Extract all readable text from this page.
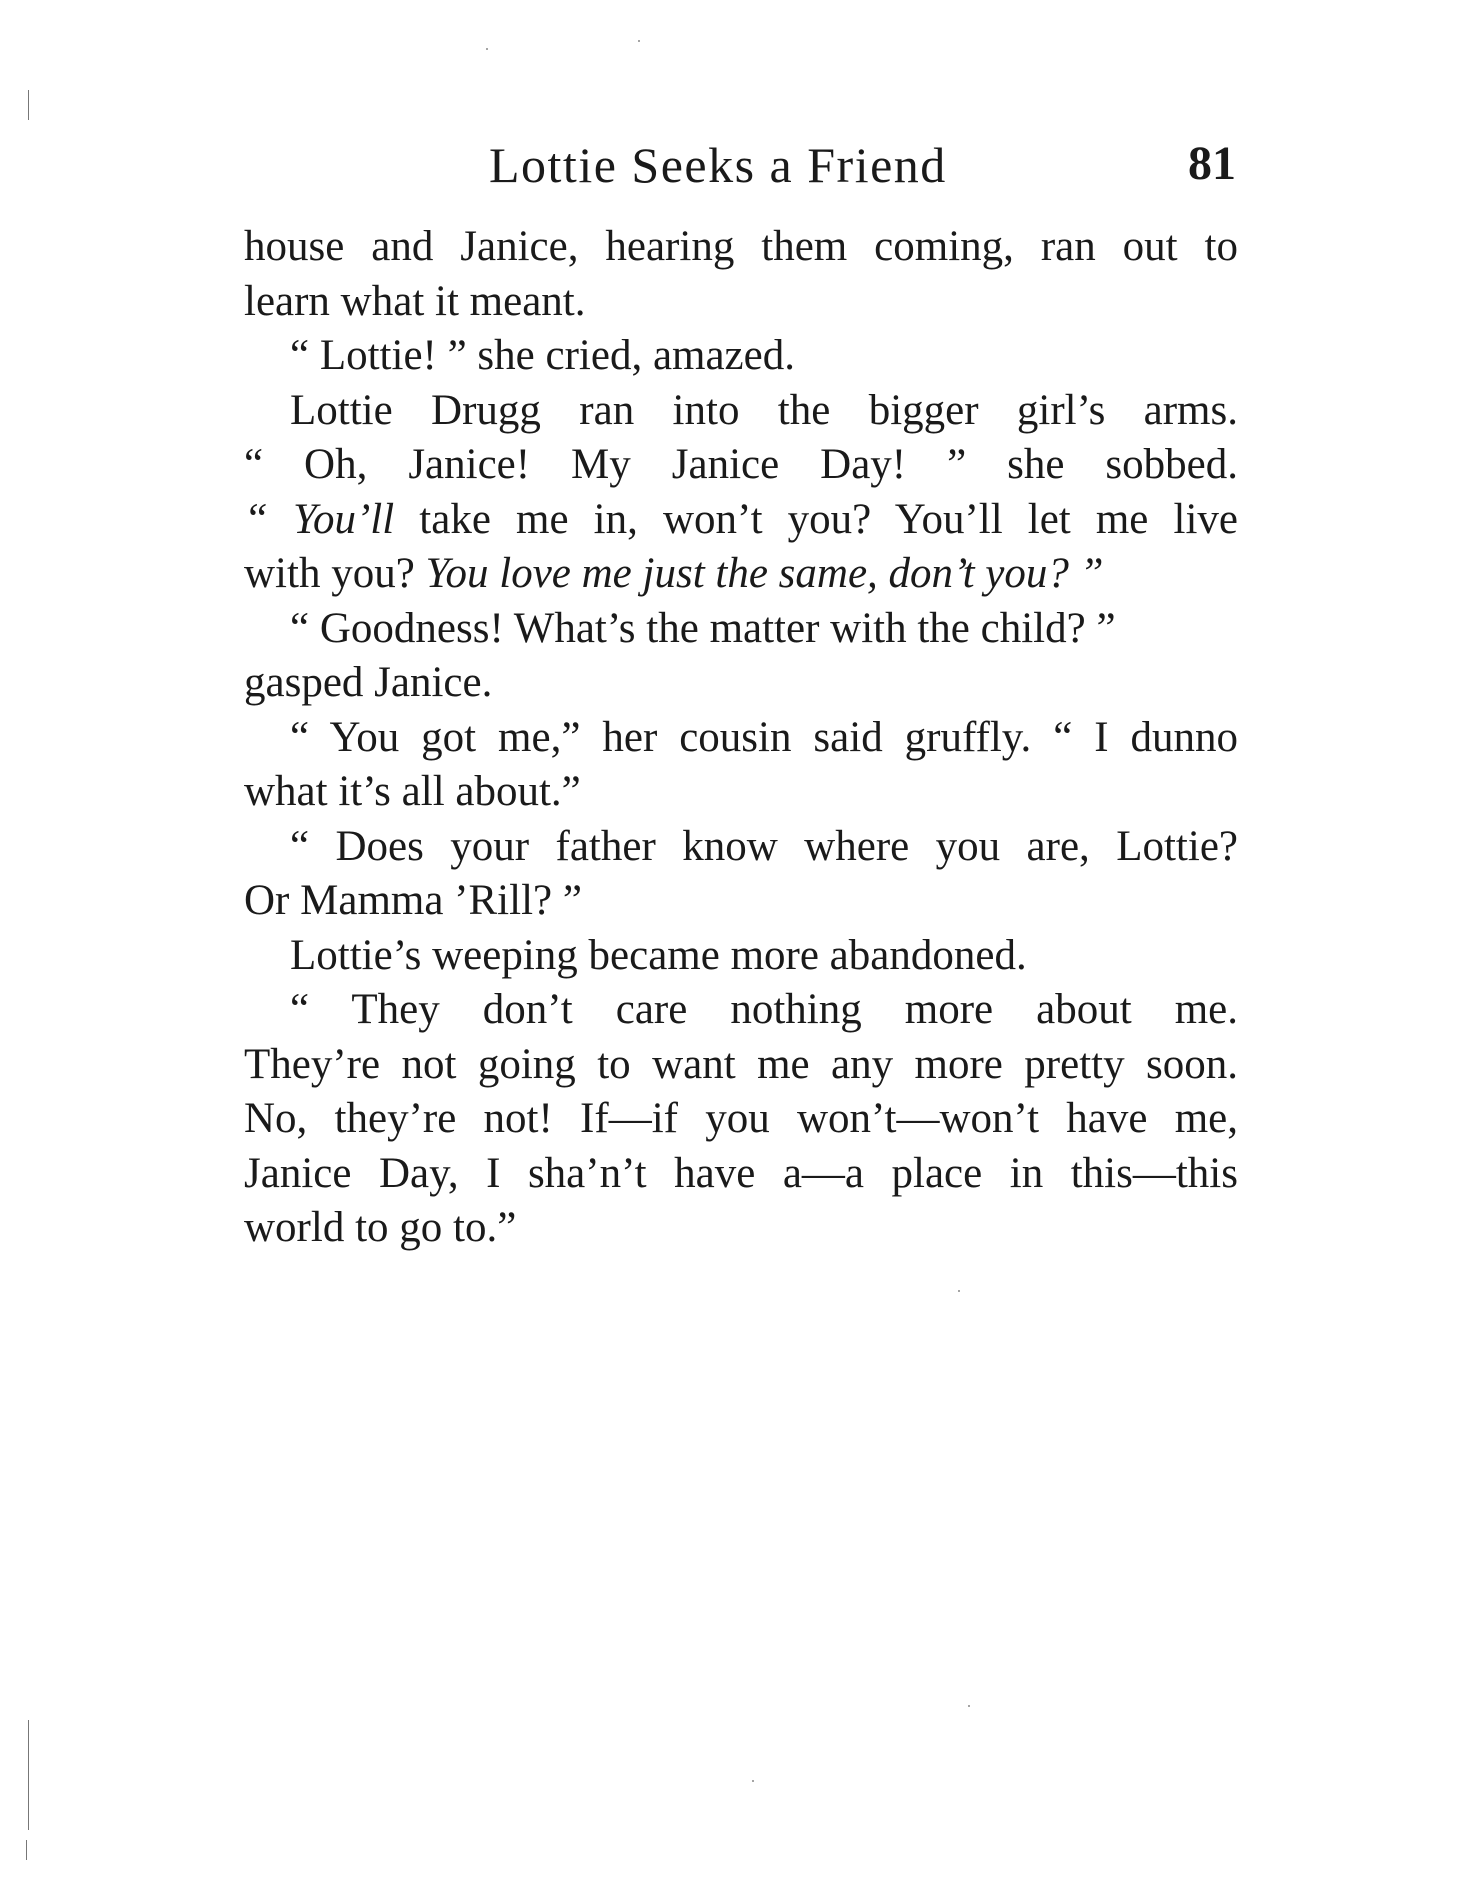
Lottie Seeks a Friend	81
house and Janice, hearing them coming, ran out to
learn what it meant.
“ Lottie! ” she cried, amazed.
Lottie Drugg ran into the bigger girl’s arms.
“ Oh, Janice! My Janice Day! ” she sobbed.
“ You’ll take me in, won’t you? You’ll let me live
with you? You love me just the same, don’t you? ”
“ Goodness! What’s the matter with the child? ”
gasped Janice.
“ You got me,” her cousin said gruffly. “ I dunno
what it’s all about.”
“ Does your father know where you are, Lottie?
Or Mamma ’Rill? ”
Lottie’s weeping became more abandoned.
“ They don’t care nothing more about me.
They’re not going to want me any more pretty soon.
No, they’re not! If—if you won’t—won’t have me,
Janice Day, I sha’n’t have a—a place in this—this
world to go to.”
